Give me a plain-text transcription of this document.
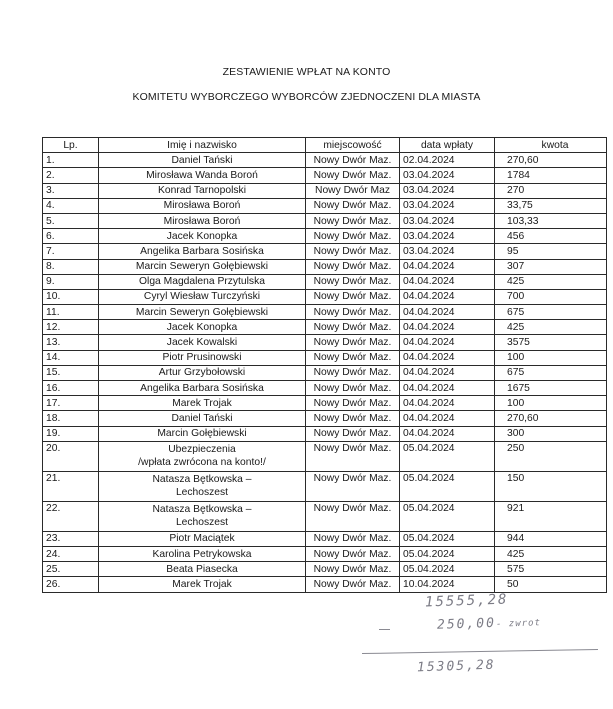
ZESTAWIENIE WPŁAT NA KONTO
KOMITETU WYBORCZEGO WYBORCÓW ZJEDNOCZENI DLA MIASTA
Lp.	Imię i nazwisko	miejscowość	data wpłaty	kwota
1.	Daniel Tański	Nowy Dwór Maz.	02.04.2024	270,60
2.	Mirosława Wanda Boroń	Nowy Dwór Maz.	03.04.2024	1784
3.	Konrad Tarnopolski	Nowy Dwór Maz	03.04.2024	270
4.	Mirosława Boroń	Nowy Dwór Maz.	03.04.2024	33,75
5.	Mirosława Boroń	Nowy Dwór Maz.	03.04.2024	103,33
6.	Jacek Konopka	Nowy Dwór Maz.	03.04.2024	456
7.	Angelika Barbara Sosińska	Nowy Dwór Maz.	03.04.2024	95
8.	Marcin Seweryn Gołębiewski	Nowy Dwór Maz.	04.04.2024	307
9.	Olga Magdalena Przytulska	Nowy Dwór Maz.	04.04.2024	425
10.	Cyryl Wiesław Turczyński	Nowy Dwór Maz.	04.04.2024	700
11.	Marcin Seweryn Gołębiewski	Nowy Dwór Maz.	04.04.2024	675
12.	Jacek Konopka	Nowy Dwór Maz.	04.04.2024	425
13.	Jacek Kowalski	Nowy Dwór Maz.	04.04.2024	3575
14.	Piotr Prusinowski	Nowy Dwór Maz.	04.04.2024	100
15.	Artur Grzybołowski	Nowy Dwór Maz.	04.04.2024	675
16.	Angelika Barbara Sosińska	Nowy Dwór Maz.	04.04.2024	1675
17.	Marek Trojak	Nowy Dwór Maz.	04.04.2024	100
18.	Daniel Tański	Nowy Dwór Maz.	04.04.2024	270,60
19.	Marcin Gołębiewski	Nowy Dwór Maz.	04.04.2024	300
20.	Ubezpieczenia
/wpłata zwrócona na konto!/	Nowy Dwór Maz.	05.04.2024	250
21.	Natasza Bętkowska –
Lechoszest	Nowy Dwór Maz.	05.04.2024	150
22.	Natasza Bętkowska –
Lechoszest	Nowy Dwór Maz.	05.04.2024	921
23.	Piotr Maciątek	Nowy Dwór Maz.	05.04.2024	944
24.	Karolina Petrykowska	Nowy Dwór Maz.	05.04.2024	425
25.	Beata Piasecka	Nowy Dwór Maz.	05.04.2024	575
26.	Marek Trojak	Nowy Dwór Maz.	10.04.2024	50
15555,28
250,00- zwrot
15305,28
